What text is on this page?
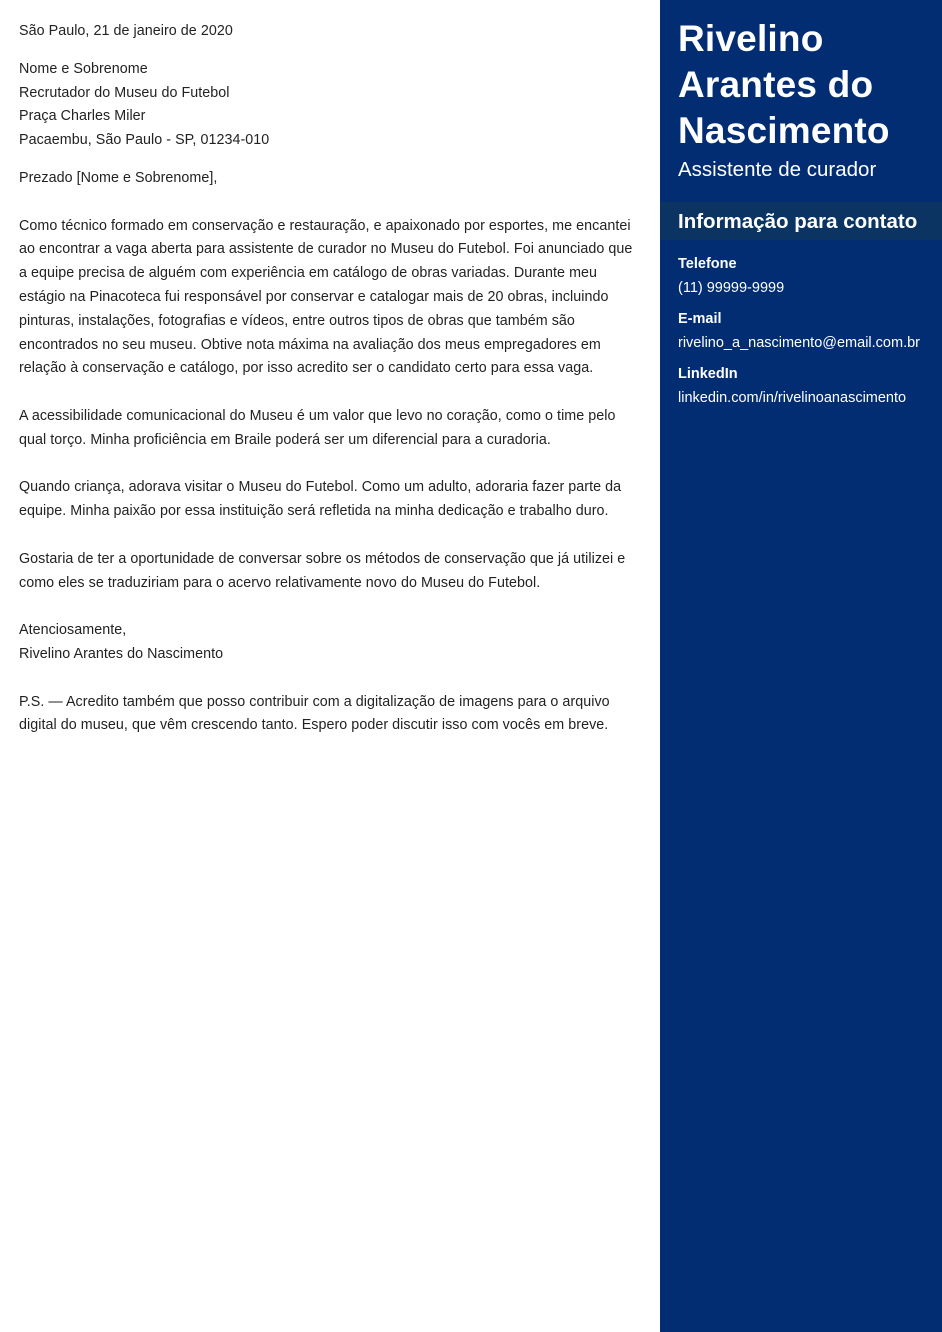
São Paulo, 21 de janeiro de 2020

Nome e Sobrenome

Recrutador do Museu do Futebol

Praça Charles Miler

Pacaembu, São Paulo - SP, 01234-010

Prezado [Nome e Sobrenome],

Como técnico formado em conservação e restauração, e apaixonado por esportes, me encantei ao encontrar a vaga aberta para assistente de curador no Museu do Futebol. Foi anunciado que a equipe precisa de alguém com experiência em catálogo de obras variadas. Durante meu estágio na Pinacoteca fui responsável por conservar e catalogar mais de 20 obras, incluindo pinturas, instalações, fotografias e vídeos, entre outros tipos de obras que também são encontrados no seu museu. Obtive nota máxima na avaliação dos meus empregadores em relação à conservação e catálogo, por isso acredito ser o candidato certo para essa vaga.

A acessibilidade comunicacional do Museu é um valor que levo no coração, como o time pelo qual torço. Minha proficiência em Braile poderá ser um diferencial para a curadoria.

Quando criança, adorava visitar o Museu do Futebol. Como um adulto, adoraria fazer parte da equipe. Minha paixão por essa instituição será refletida na minha dedicação e trabalho duro.

Gostaria de ter a oportunidade de conversar sobre os métodos de conservação que já utilizei e como eles se traduziriam para o acervo relativamente novo do Museu do Futebol.

Atenciosamente,

Rivelino Arantes do Nascimento

P.S. — Acredito também que posso contribuir com a digitalização de imagens para o arquivo digital do museu, que vêm crescendo tanto. Espero poder discutir isso com vocês em breve.

Rivelino Arantes do Nascimento
Assistente de curador
Informação para contato
Telefone
(11) 99999-9999
E-mail
rivelino_a_nascimento@email.com.br
LinkedIn
linkedin.com/in/rivelinoanascimento
